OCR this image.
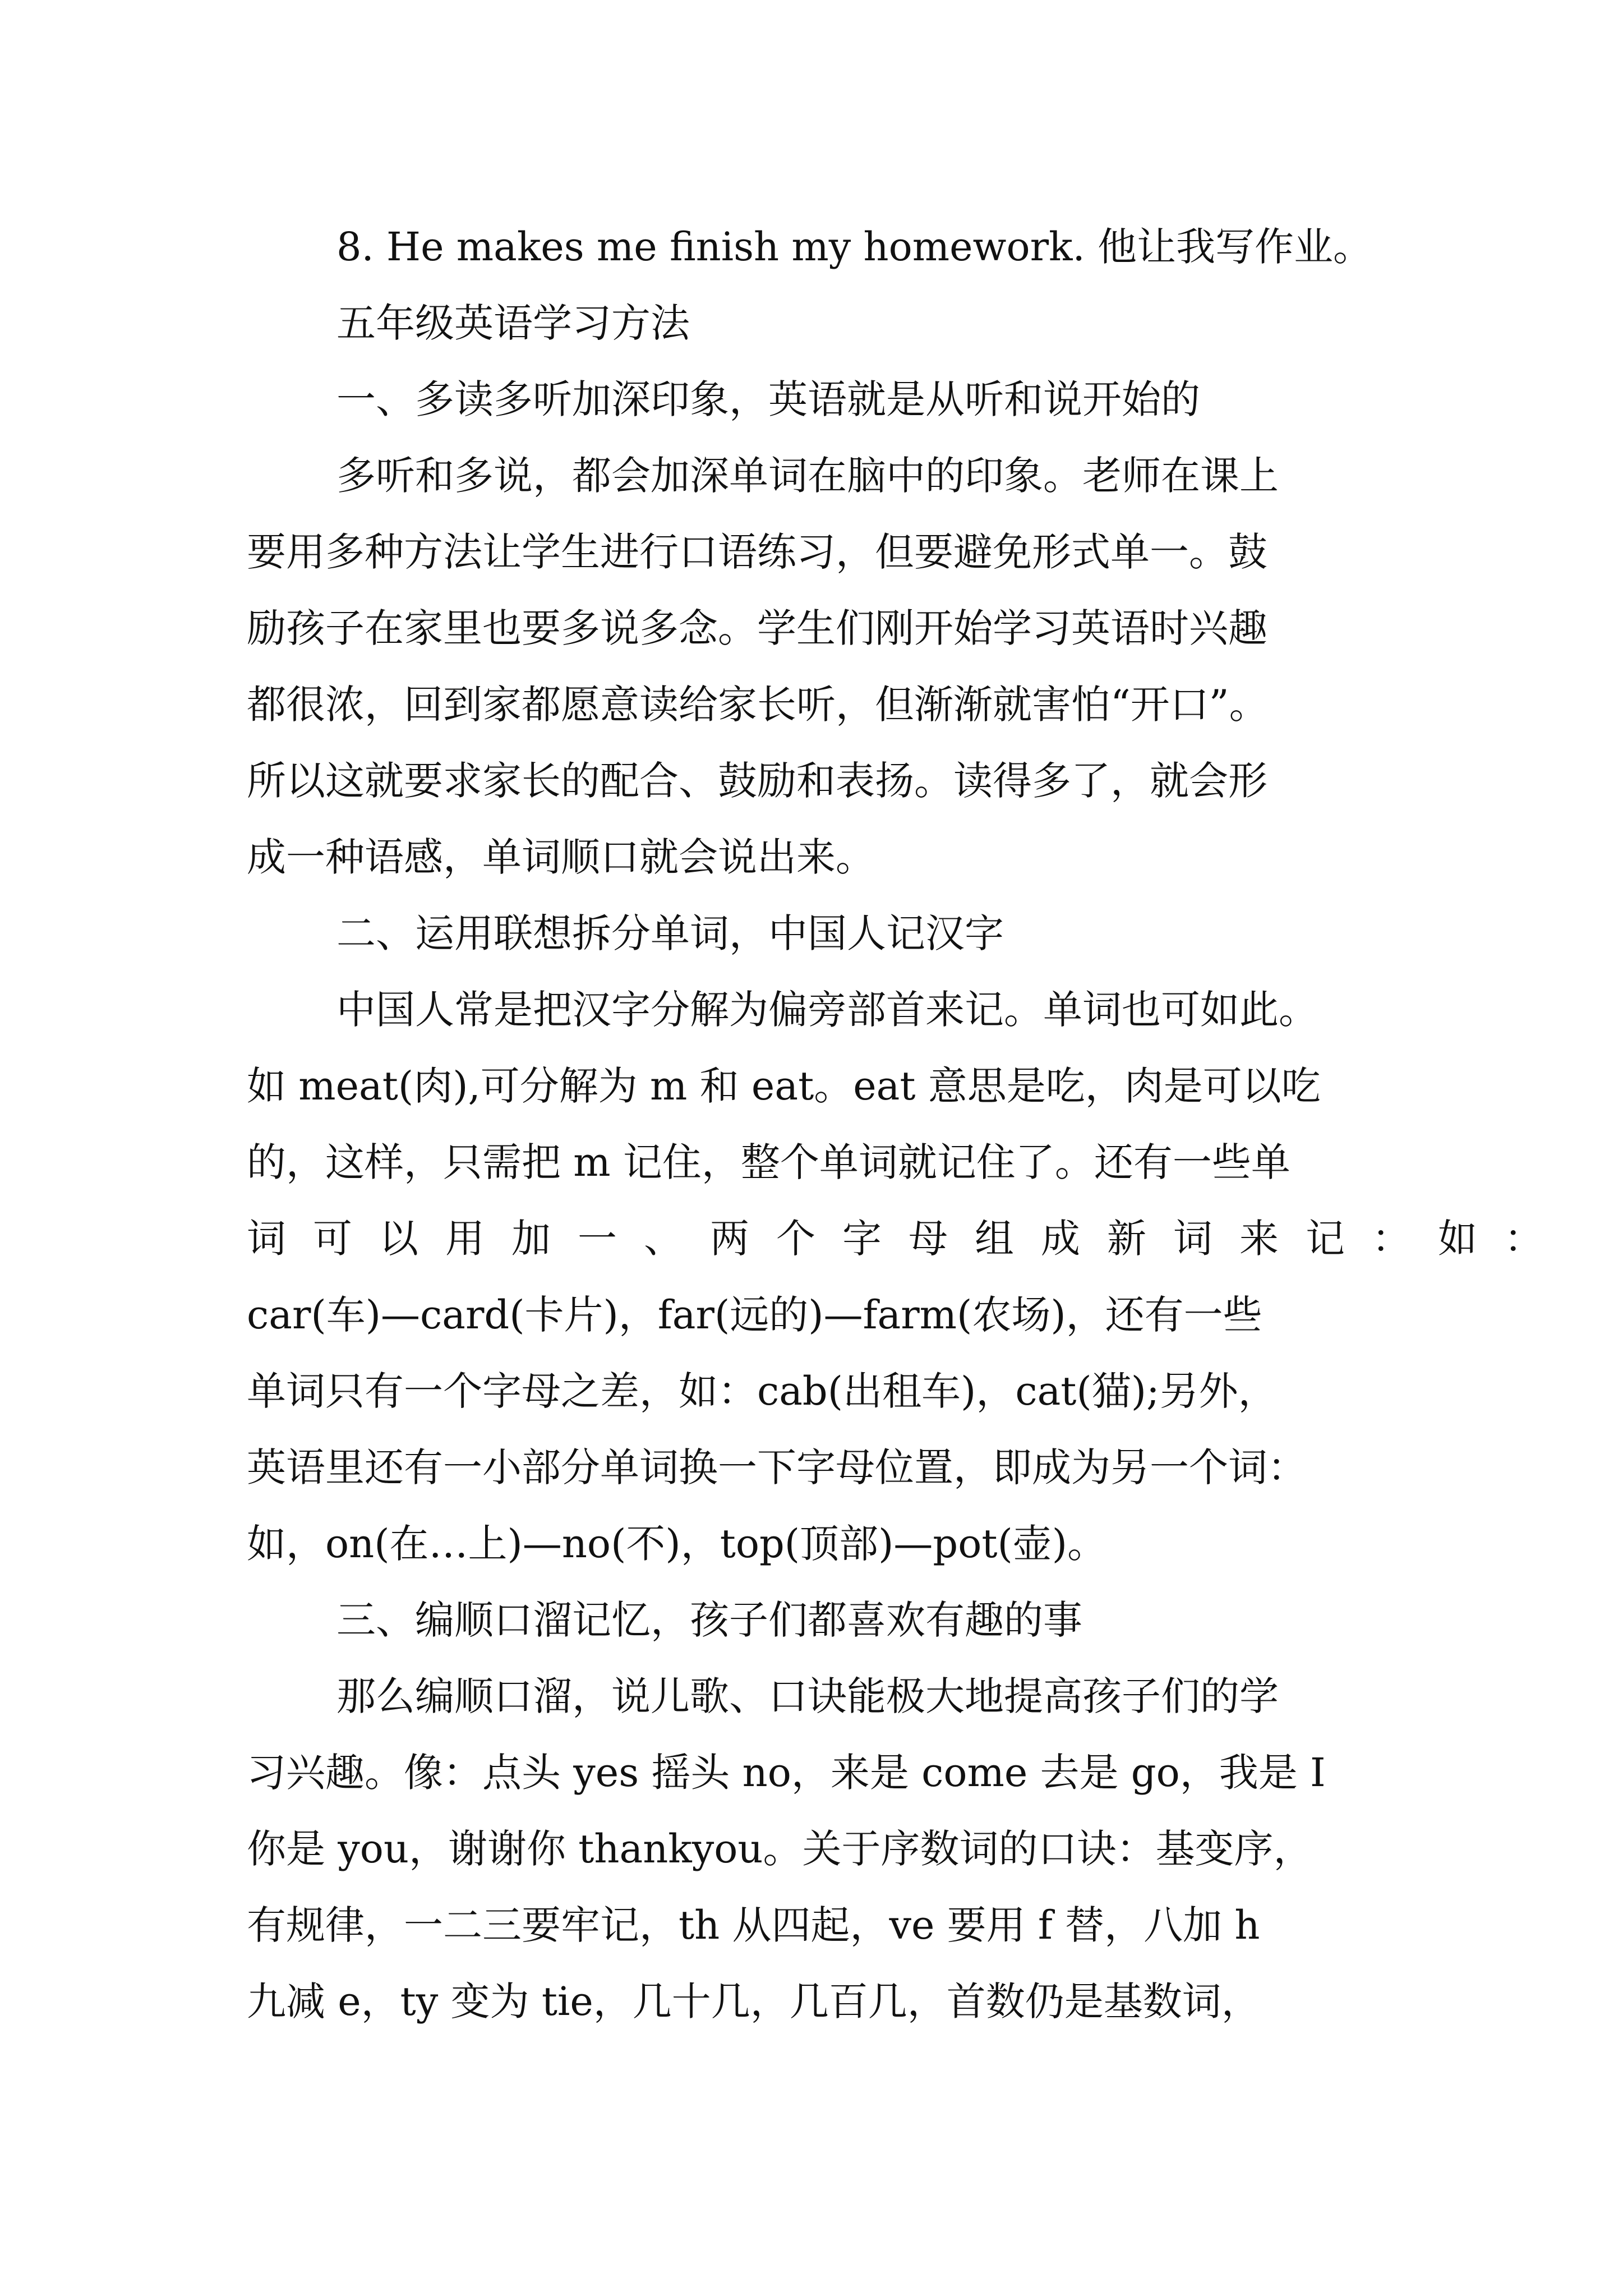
8. He makes me finish my homework. 他让我写作业。
五年级英语学习方法
一、多读多听加深印象，英语就是从听和说开始的
多听和多说，都会加深单词在脑中的印象。老师在课上
要用多种方法让学生进行口语练习，但要避免形式单一。鼓
励孩子在家里也要多说多念。学生们刚开始学习英语时兴趣
都很浓，回到家都愿意读给家长听，但渐渐就害怕“开口”。
所以这就要求家长的配合、鼓励和表扬。读得多了，就会形
成一种语感，单词顺口就会说出来。
二、运用联想拆分单词，中国人记汉字
中国人常是把汉字分解为偏旁部首来记。单词也可如此。
如 meat(肉),可分解为 m 和 eat。eat 意思是吃，肉是可以吃
的，这样，只需把 m 记住，整个单词就记住了。还有一些单
词可以用加一、两个字母组成新词来记：如：
car(车)—card(卡片)，far(远的)—farm(农场)，还有一些
单词只有一个字母之差，如：cab(出租车)，cat(猫);另外，
英语里还有一小部分单词换一下字母位置，即成为另一个词：
如，on(在…上)—no(不)，top(顶部)—pot(壶)。
三、编顺口溜记忆，孩子们都喜欢有趣的事
那么编顺口溜，说儿歌、口诀能极大地提高孩子们的学
习兴趣。像：点头 yes 摇头 no，来是 come 去是 go，我是 I
你是 you，谢谢你 thankyou。关于序数词的口诀：基变序，
有规律，一二三要牢记，th 从四起，ve 要用 f 替，八加 h
九减 e，ty 变为 tie，几十几，几百几，首数仍是基数词，
